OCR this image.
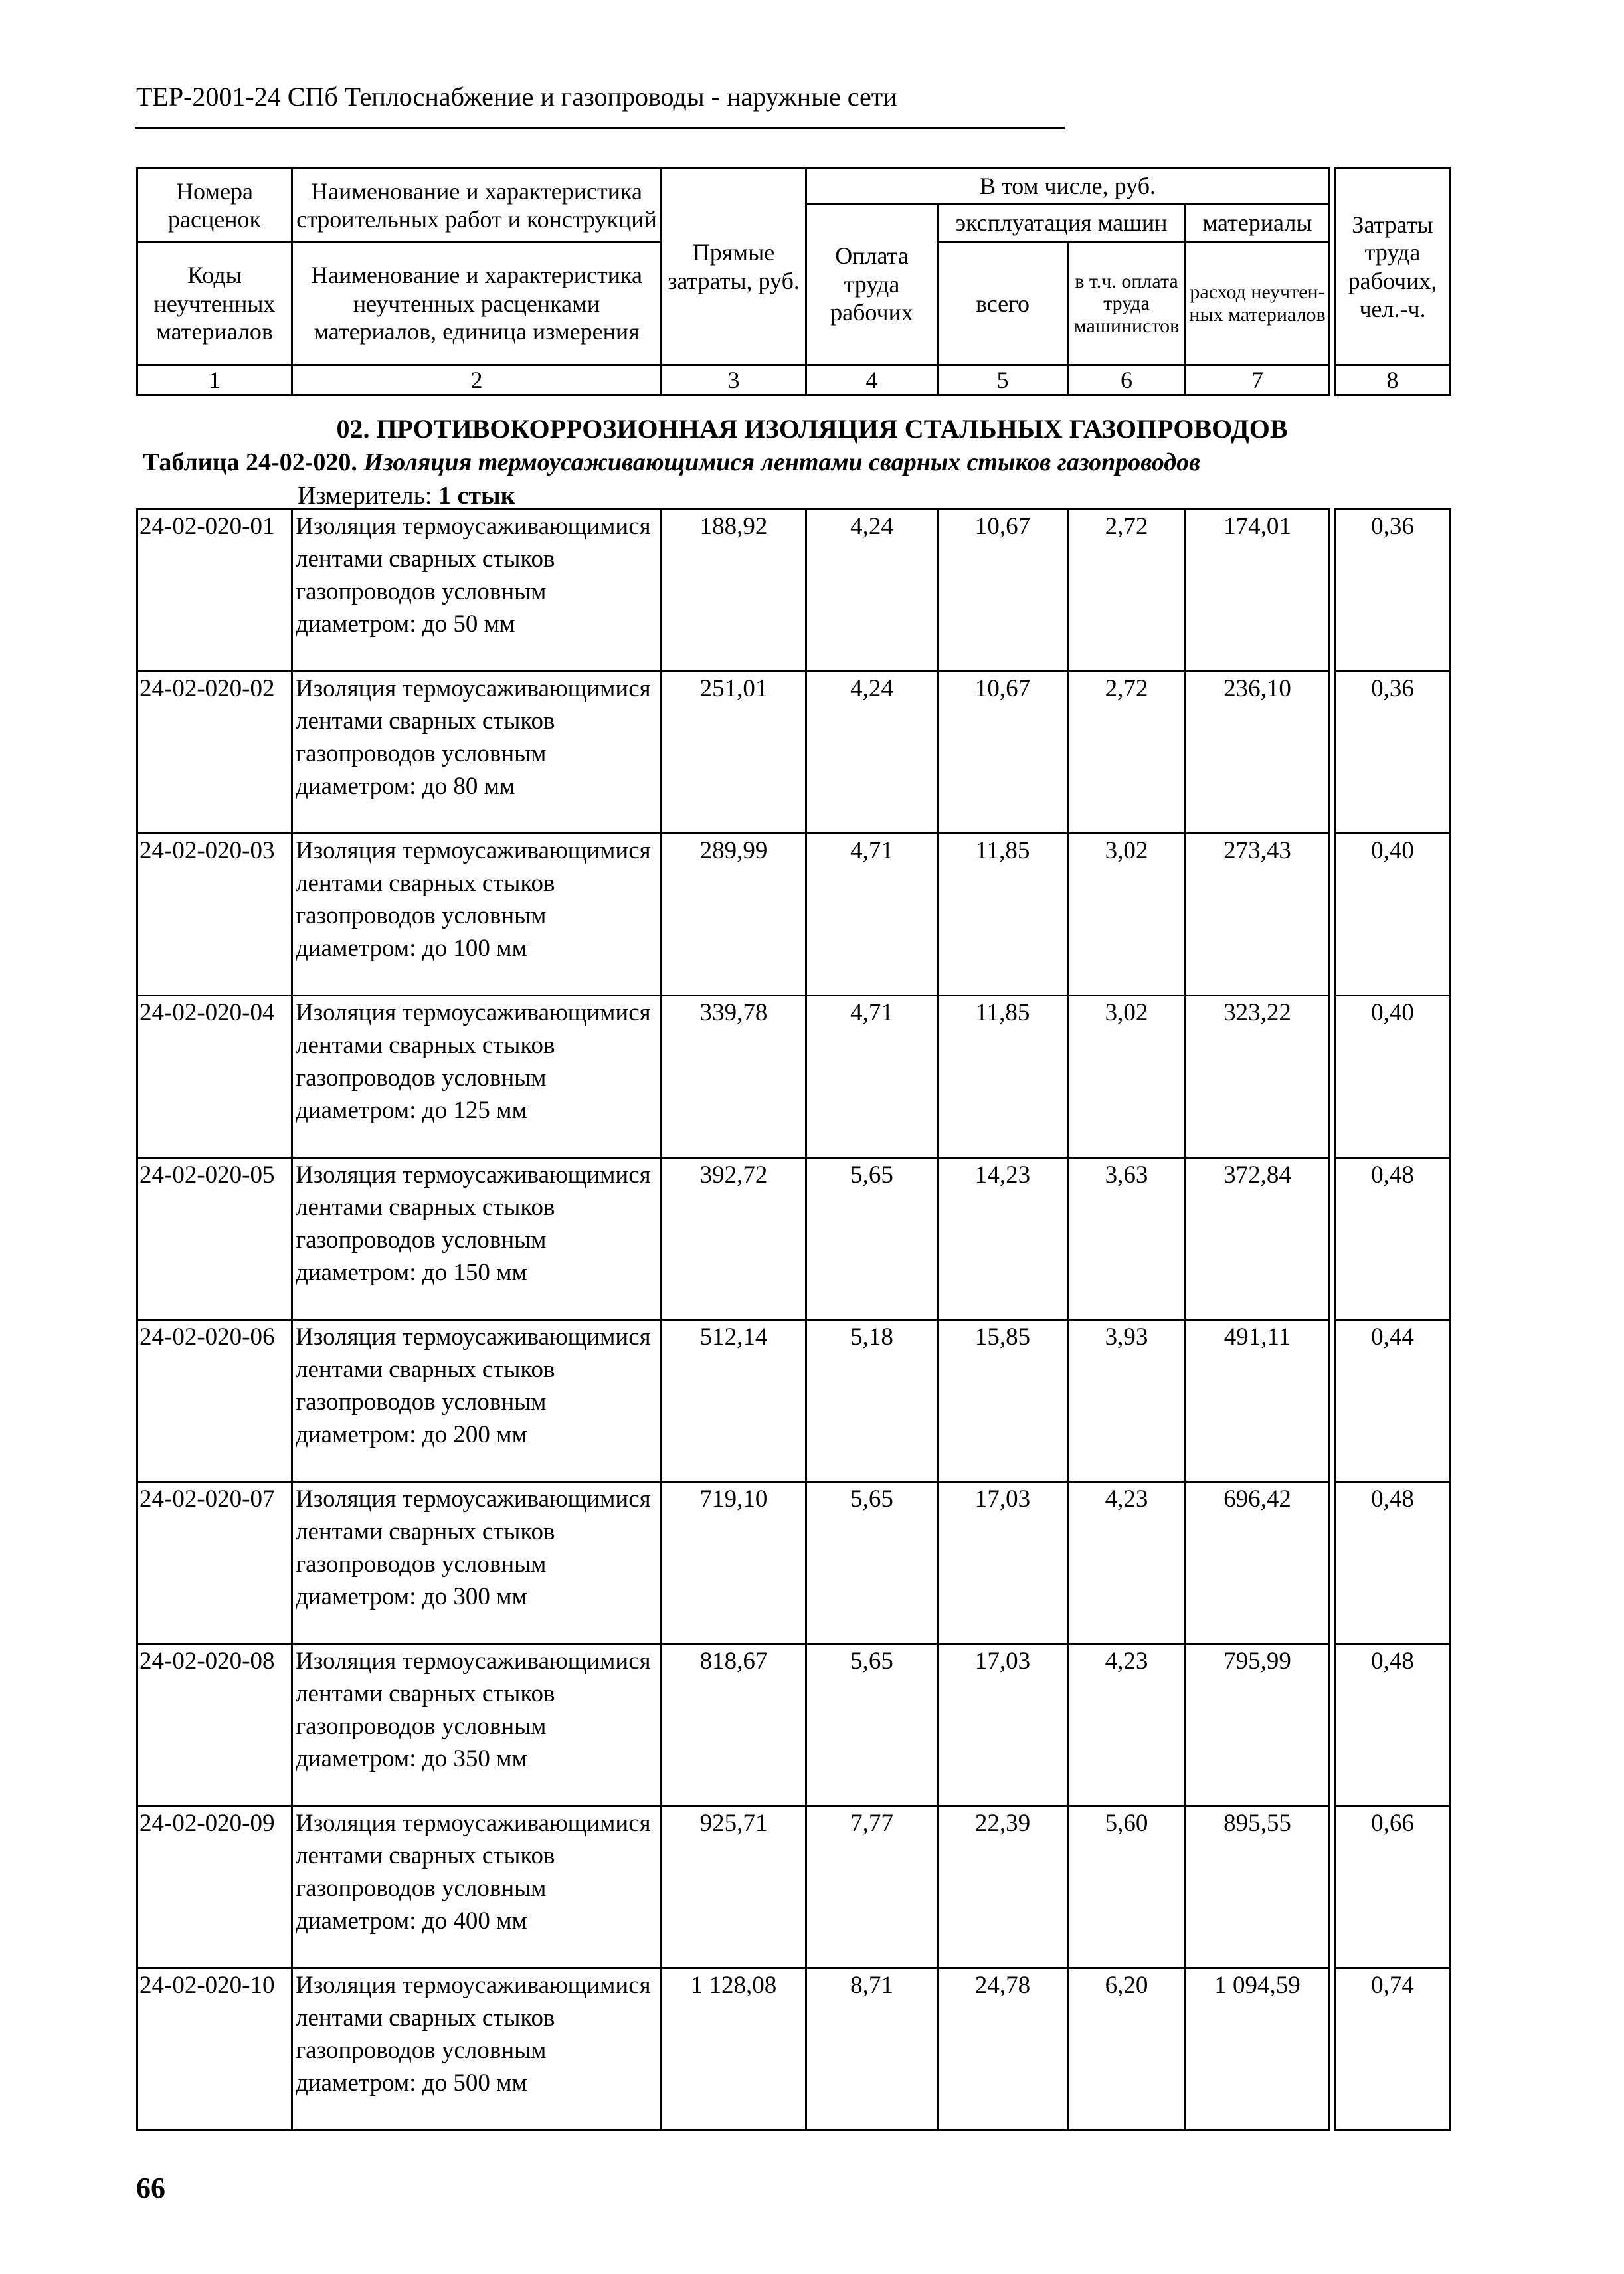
ТЕР-2001-24 СПб Теплоснабжение и газопроводы - наружные сети
Номера расценок	Наименование и характеристика строительных работ и конструкций	Прямые затраты, руб.	В том числе, руб.					Затраты труда рабочих, чел.-ч.
			Оплата труда рабочих	эксплуатация машин		материалы		
Коды неучтенных материалов	Наименование и характеристика неучтенных расценками материалов, единица измерения			всего	в т.ч. оплата труда машинистов	расход неучтен-ных материалов		

1	2	3	4	5	6	7		8
02. ПРОТИВОКОРРОЗИОННАЯ ИЗОЛЯЦИЯ СТАЛЬНЫХ ГАЗОПРОВОДОВ
Таблица 24-02-020. Изоляция термоусаживающимися лентами сварных стыков газопроводов
Измеритель: 1 стык
24-02-020-01	Изоляция термоусаживающимися лентами сварных стыков газопроводов условным диаметром: до 50 мм	188,92	4,24	10,67	2,72	174,01		0,36
24-02-020-02	Изоляция термоусаживающимися лентами сварных стыков газопроводов условным диаметром: до 80 мм	251,01	4,24	10,67	2,72	236,10		0,36
24-02-020-03	Изоляция термоусаживающимися лентами сварных стыков газопроводов условным диаметром: до 100 мм	289,99	4,71	11,85	3,02	273,43		0,40
24-02-020-04	Изоляция термоусаживающимися лентами сварных стыков газопроводов условным диаметром: до 125 мм	339,78	4,71	11,85	3,02	323,22		0,40
24-02-020-05	Изоляция термоусаживающимися лентами сварных стыков газопроводов условным диаметром: до 150 мм	392,72	5,65	14,23	3,63	372,84		0,48
24-02-020-06	Изоляция термоусаживающимися лентами сварных стыков газопроводов условным диаметром: до 200 мм	512,14	5,18	15,85	3,93	491,11		0,44
24-02-020-07	Изоляция термоусаживающимися лентами сварных стыков газопроводов условным диаметром: до 300 мм	719,10	5,65	17,03	4,23	696,42		0,48
24-02-020-08	Изоляция термоусаживающимися лентами сварных стыков газопроводов условным диаметром: до 350 мм	818,67	5,65	17,03	4,23	795,99		0,48
24-02-020-09	Изоляция термоусаживающимися лентами сварных стыков газопроводов условным диаметром: до 400 мм	925,71	7,77	22,39	5,60	895,55		0,66
24-02-020-10	Изоляция термоусаживающимися лентами сварных стыков газопроводов условным диаметром: до 500 мм	1 128,08	8,71	24,78	6,20	1 094,59		0,74
66
